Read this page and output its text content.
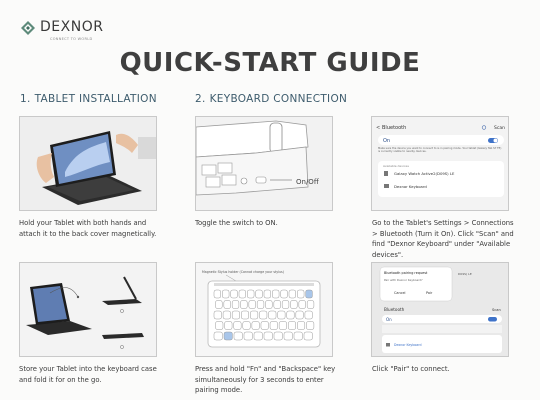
DEXNOR
CONNECT TO WORLD
QUICK-START GUIDE
1. TABLET INSTALLATION	2. KEYBOARD CONNECTION
Hold your Tablet with both hands and attach it to the back cover magnetically.
On/Off
Toggle the switch to ON.
< Bluetooth	Scan
On
Make sure the device you want to connect to is in pairing mode. Your tablet (Galaxy Tab S7 FE) is currently visible to nearby devices.
Available devices
Galaxy Watch Active2(D09S) LE
Dexnor Keyboard
Go to the Tablet's Settings > Connections > Bluetooth (Turn it On). Click "Scan" and find "Dexnor Keyboard" under "Available devices".
Store your Tablet into the keyboard case and fold it for on the go.
Magnetic Stylus holder (Cannot charge your stylus)
Press and hold "Fn" and "Backspace" key simultaneously for 3 seconds to enter pairing mode.
Bluetooth pairing request
Pair with Dexnor Keyboard?
Cancel	Pair
D09S) LE
Bluetooth	Scan
On
Dexnor Keyboard
Click "Pair" to connect.
